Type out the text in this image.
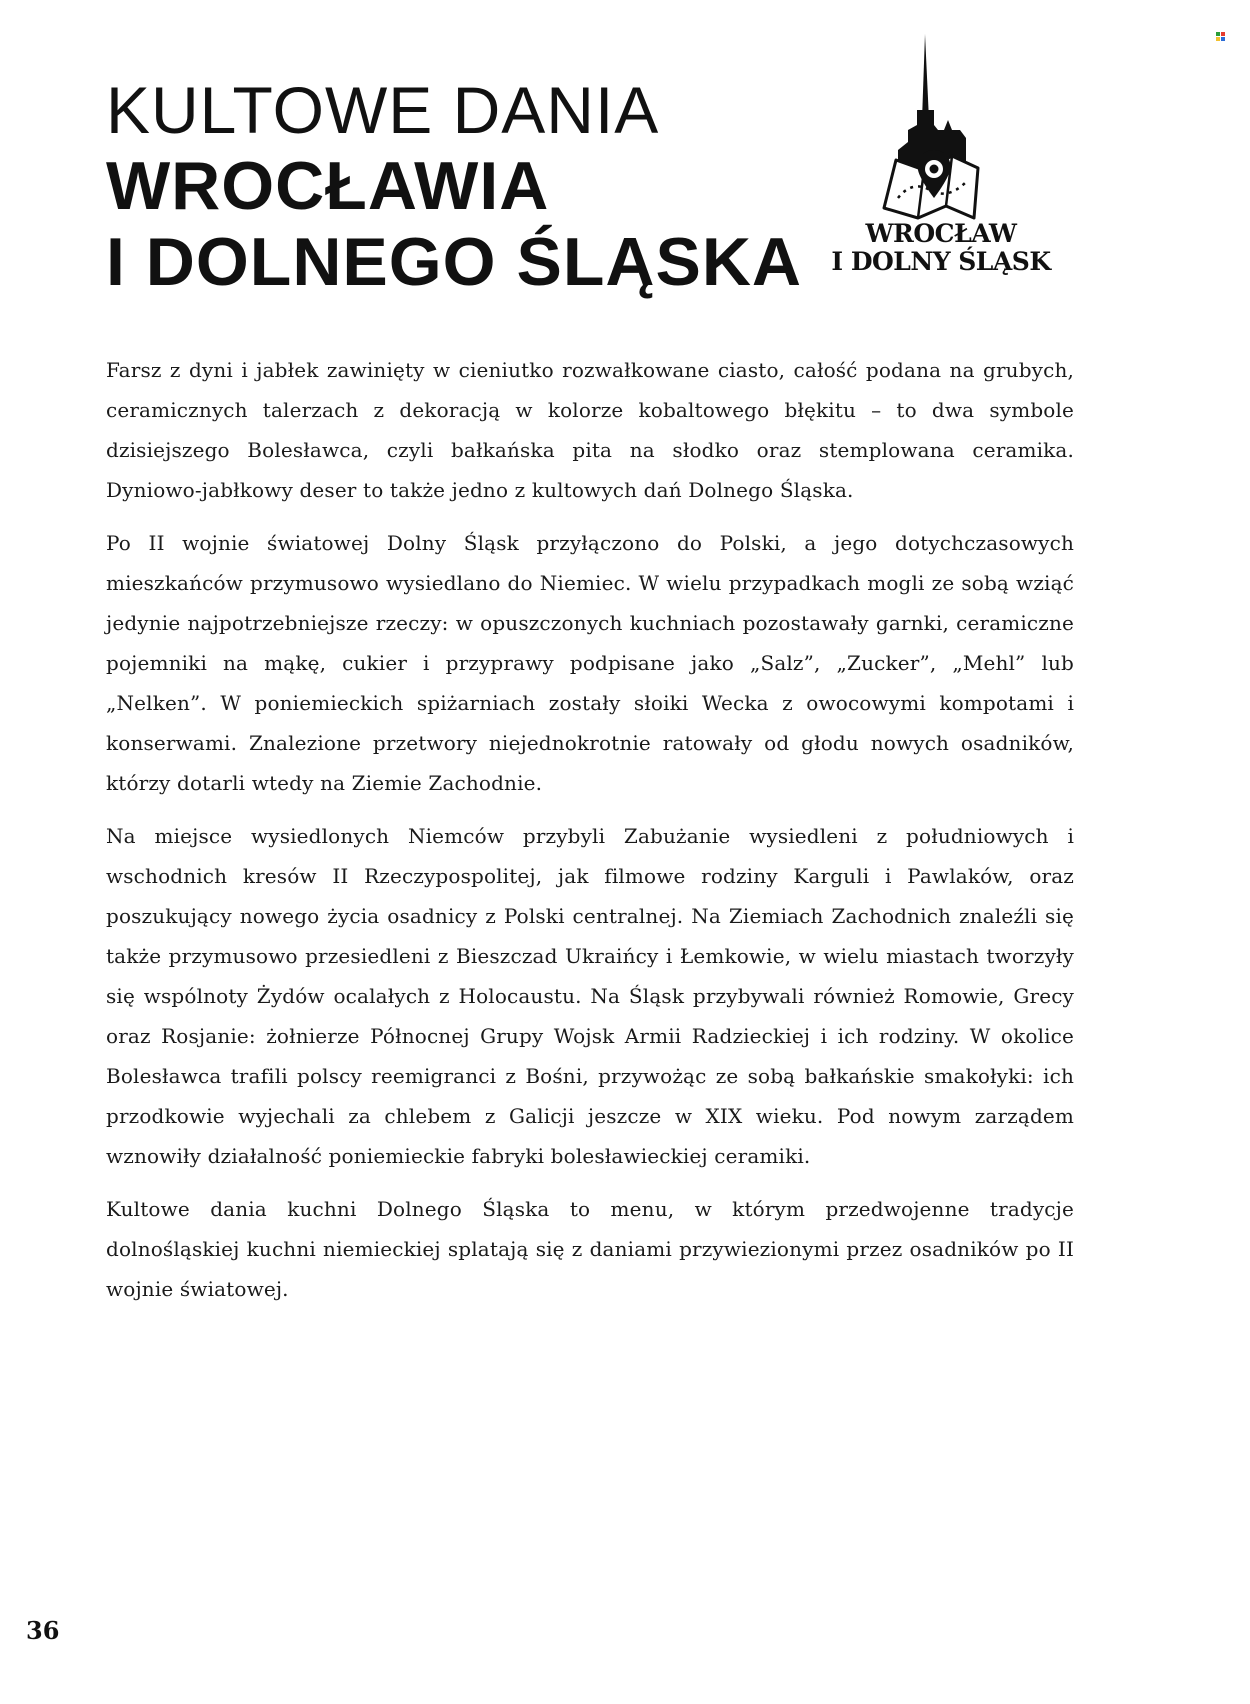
KULTOWE DANIA
WROCŁAWIA
I DOLNEGO ŚLĄSKA	WROCŁAW
I DOLNY ŚLĄSK

Farsz z dyni i jabłek zawinięty w cieniutko rozwałkowane ciasto, całość podana na grubych, ceramicznych talerzach z dekoracją w kolorze kobaltowego błękitu – to dwa symbole dzisiejszego Bolesławca, czyli bałkańska pita na słodko oraz stemplowana ceramika. Dyniowo-jabłkowy deser to także jedno z kultowych dań Dolnego Śląska.

Po II wojnie światowej Dolny Śląsk przyłączono do Polski, a jego dotychczasowych mieszkańców przymusowo wysiedlano do Niemiec. W wielu przypadkach mogli ze sobą wziąć jedynie najpotrzebniejsze rzeczy: w opuszczonych kuchniach pozostawały garnki, ceramiczne pojemniki na mąkę, cukier i przyprawy podpisane jako „Salz”, „Zucker”, „Mehl” lub „Nelken”. W poniemieckich spiżarniach zostały słoiki Wecka z owocowymi kompotami i konserwami. Znalezione przetwory niejednokrotnie ratowały od głodu nowych osadników, którzy dotarli wtedy na Ziemie Zachodnie.

Na miejsce wysiedlonych Niemców przybyli Zabużanie wysiedleni z południowych i wschodnich kresów II Rzeczypospolitej, jak filmowe rodziny Karguli i Pawlaków, oraz poszukujący nowego życia osadnicy z Polski centralnej. Na Ziemiach Zachodnich znaleźli się także przymusowo przesiedleni z Bieszczad Ukraińcy i Łemkowie, w wielu miastach tworzyły się wspólnoty Żydów ocalałych z Holocaustu. Na Śląsk przybywali również Romowie, Grecy oraz Rosjanie: żołnierze Północnej Grupy Wojsk Armii Radzieckiej i ich rodziny. W okolice Bolesławca trafili polscy reemigranci z Bośni, przywożąc ze sobą bałkańskie smakołyki: ich przodkowie wyjechali za chlebem z Galicji jeszcze w XIX wieku. Pod nowym zarządem wznowiły działalność poniemieckie fabryki bolesławieckiej ceramiki.

Kultowe dania kuchni Dolnego Śląska to menu, w którym przedwojenne tradycje dolnośląskiej kuchni niemieckiej splatają się z daniami przywiezionymi przez osadników po II wojnie światowej.

36
